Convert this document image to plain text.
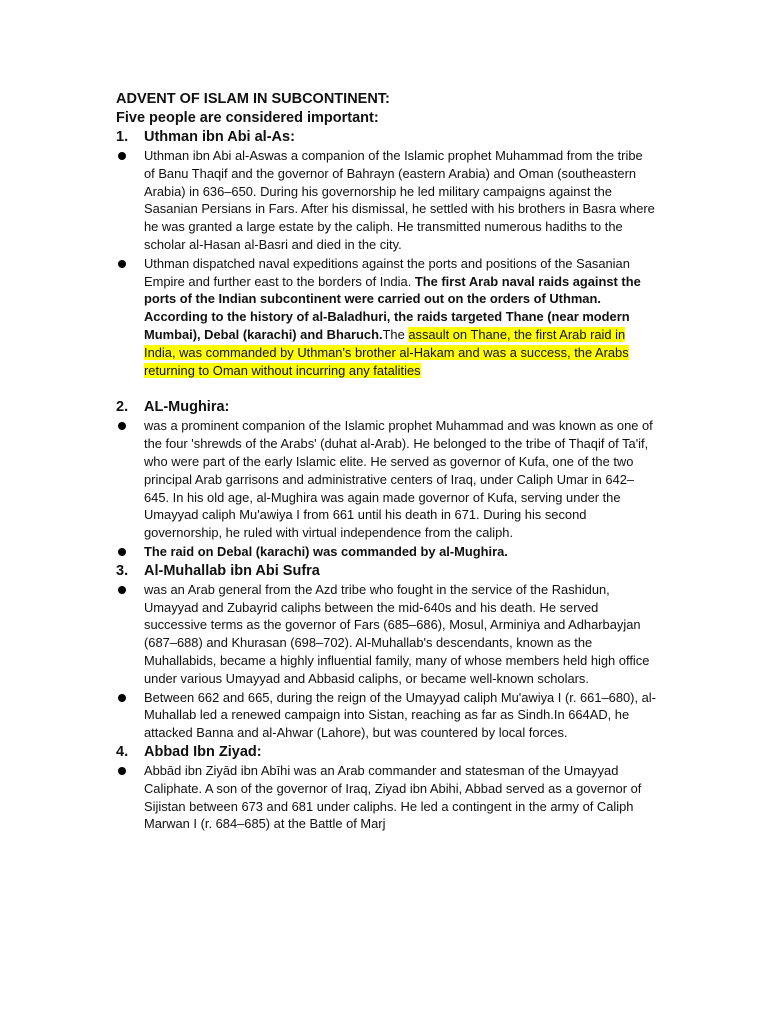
ADVENT OF ISLAM IN SUBCONTINENT:
Five people are considered important:
1. Uthman ibn Abi al-As:
Uthman ibn Abi al-Aswas a companion of the Islamic prophet Muhammad from the tribe of Banu Thaqif and the governor of Bahrayn (eastern Arabia) and Oman (southeastern Arabia) in 636–650. During his governorship he led military campaigns against the Sasanian Persians in Fars. After his dismissal, he settled with his brothers in Basra where he was granted a large estate by the caliph. He transmitted numerous hadiths to the scholar al-Hasan al-Basri and died in the city.
Uthman dispatched naval expeditions against the ports and positions of the Sasanian Empire and further east to the borders of India. The first Arab naval raids against the ports of the Indian subcontinent were carried out on the orders of Uthman. According to the history of al-Baladhuri, the raids targeted Thane (near modern Mumbai), Debal (karachi) and Bharuch.The assault on Thane, the first Arab raid in India, was commanded by Uthman's brother al-Hakam and was a success, the Arabs returning to Oman without incurring any fatalities
2. AL-Mughira:
was a prominent companion of the Islamic prophet Muhammad and was known as one of the four 'shrewds of the Arabs' (duhat al-Arab). He belonged to the tribe of Thaqif of Ta'if, who were part of the early Islamic elite. He served as governor of Kufa, one of the two principal Arab garrisons and administrative centers of Iraq, under Caliph Umar in 642–645. In his old age, al-Mughira was again made governor of Kufa, serving under the Umayyad caliph Mu'awiya I from 661 until his death in 671. During his second governorship, he ruled with virtual independence from the caliph.
The raid on Debal (karachi) was commanded by al-Mughira.
3. Al-Muhallab ibn Abi Sufra
was an Arab general from the Azd tribe who fought in the service of the Rashidun, Umayyad and Zubayrid caliphs between the mid-640s and his death. He served successive terms as the governor of Fars (685–686), Mosul, Arminiya and Adharbayjan (687–688) and Khurasan (698–702). Al-Muhallab's descendants, known as the Muhallabids, became a highly influential family, many of whose members held high office under various Umayyad and Abbasid caliphs, or became well-known scholars.
Between 662 and 665, during the reign of the Umayyad caliph Mu'awiya I (r. 661–680), al-Muhallab led a renewed campaign into Sistan, reaching as far as Sindh.In 664AD, he attacked Banna and al-Ahwar (Lahore), but was countered by local forces.
4. Abbad Ibn Ziyad:
Abbād ibn Ziyād ibn Abīhi was an Arab commander and statesman of the Umayyad Caliphate. A son of the governor of Iraq, Ziyad ibn Abihi, Abbad served as a governor of Sijistan between 673 and 681 under caliphs. He led a contingent in the army of Caliph Marwan I (r. 684–685) at the Battle of Marj
